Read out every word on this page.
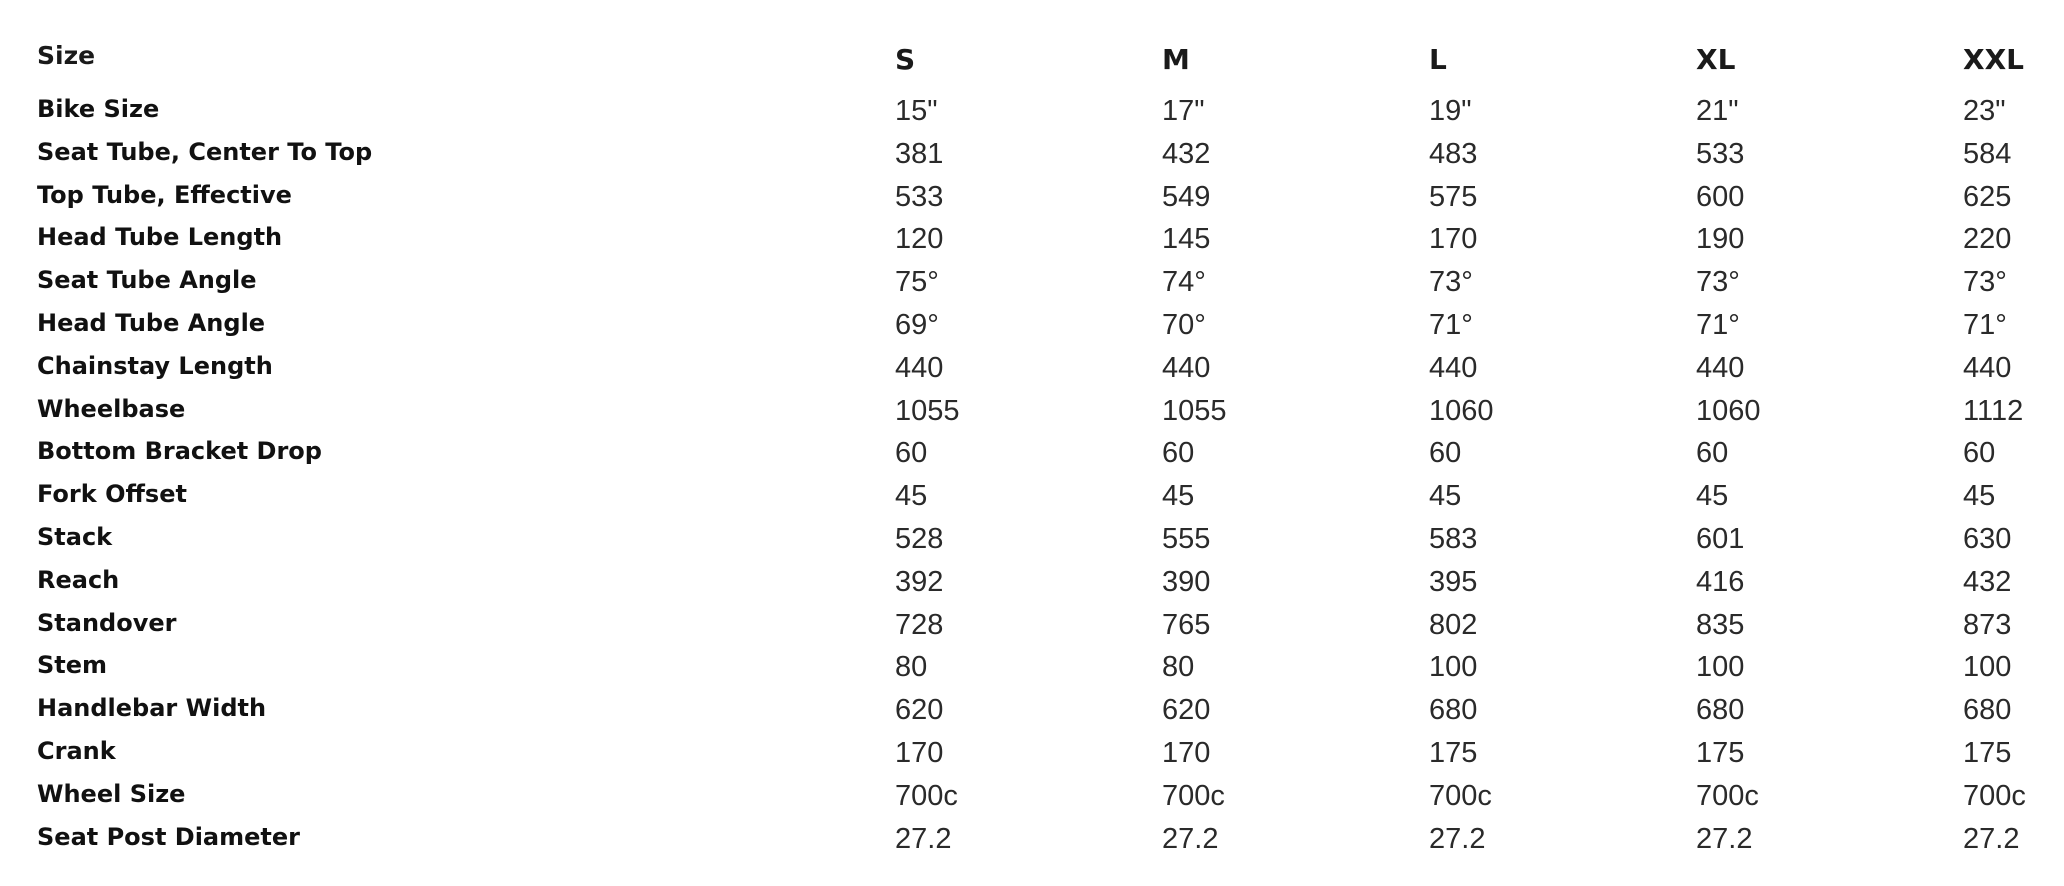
Size	S	M	L	XL	XXL
Bike Size	15"	17"	19"	21"	23"
Seat Tube, Center To Top	381	432	483	533	584
Top Tube, Effective	533	549	575	600	625
Head Tube Length	120	145	170	190	220
Seat Tube Angle	75°	74°	73°	73°	73°
Head Tube Angle	69°	70°	71°	71°	71°
Chainstay Length	440	440	440	440	440
Wheelbase	1055	1055	1060	1060	1112
Bottom Bracket Drop	60	60	60	60	60
Fork Offset	45	45	45	45	45
Stack	528	555	583	601	630
Reach	392	390	395	416	432
Standover	728	765	802	835	873
Stem	80	80	100	100	100
Handlebar Width	620	620	680	680	680
Crank	170	170	175	175	175
Wheel Size	700c	700c	700c	700c	700c
Seat Post Diameter	27.2	27.2	27.2	27.2	27.2
